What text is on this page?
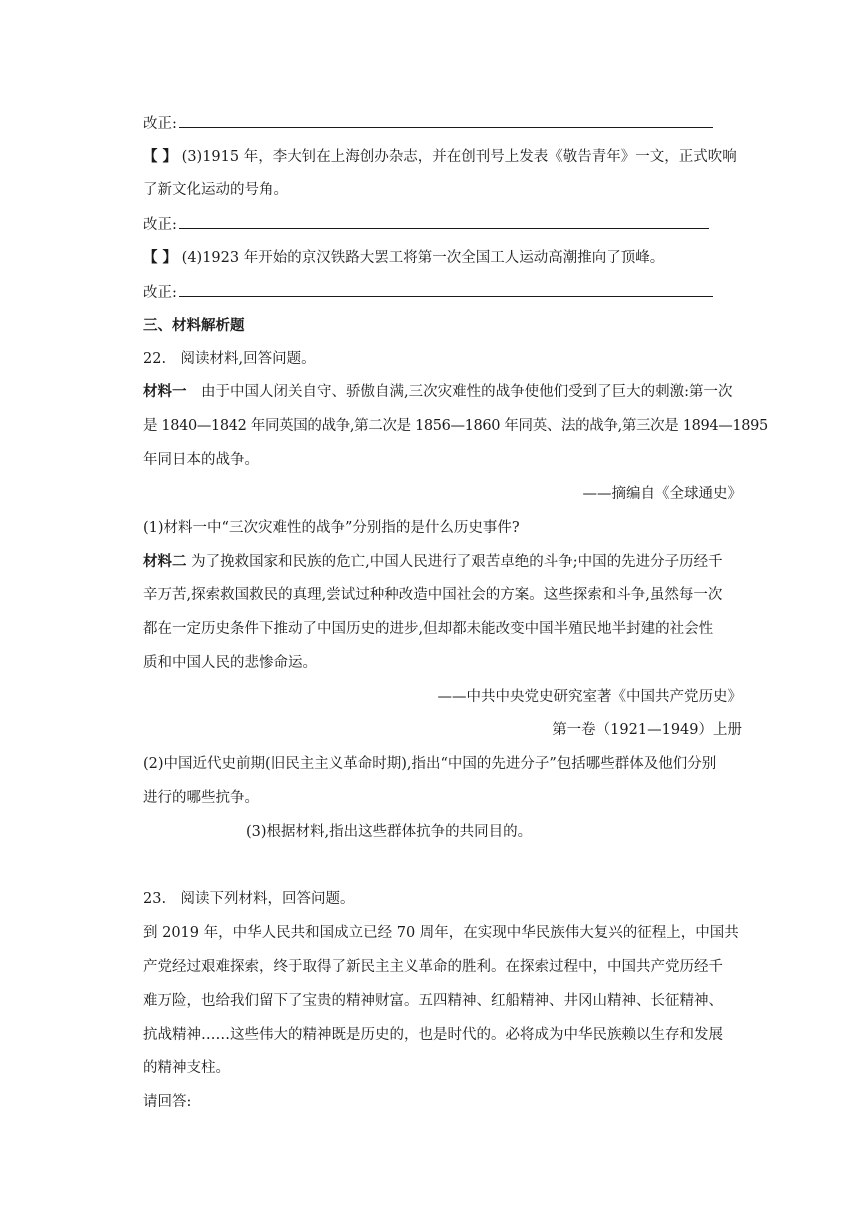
改正:
【 】 (3)1915 年，李大钊在上海创办杂志，并在创刊号上发表《敬告青年》一文，正式吹响
了新文化运动的号角。
改正:
【 】 (4)1923 年开始的京汉铁路大罢工将第一次全国工人运动高潮推向了顶峰。
改正:
三、材料解析题
22.　阅读材料,回答问题。
材料一　由于中国人闭关自守、骄傲自满,三次灾难性的战争使他们受到了巨大的刺激:第一次
是 1840—1842 年同英国的战争,第二次是 1856—1860 年同英、法的战争,第三次是 1894—1895
年同日本的战争。
——摘编自《全球通史》
(1)材料一中“三次灾难性的战争”分别指的是什么历史事件?
材料二 为了挽救国家和民族的危亡,中国人民进行了艰苦卓绝的斗争;中国的先进分子历经千
辛万苦,探索救国救民的真理,尝试过种种改造中国社会的方案。这些探索和斗争,虽然每一次
都在一定历史条件下推动了中国历史的进步,但却都未能改变中国半殖民地半封建的社会性
质和中国人民的悲惨命运。
——中共中央党史研究室著《中国共产党历史》
第一卷（1921—1949）上册
(2)中国近代史前期(旧民主主义革命时期),指出“中国的先进分子”包括哪些群体及他们分别
进行的哪些抗争。
(3)根据材料,指出这些群体抗争的共同目的。
23.　阅读下列材料，回答问题。
到 2019 年，中华人民共和国成立已经 70 周年，在实现中华民族伟大复兴的征程上，中国共
产党经过艰难探索，终于取得了新民主主义革命的胜利。在探索过程中，中国共产党历经千
难万险，也给我们留下了宝贵的精神财富。五四精神、红船精神、井冈山精神、长征精神、
抗战精神……这些伟大的精神既是历史的，也是时代的。必将成为中华民族赖以生存和发展
的精神支柱。
请回答:
